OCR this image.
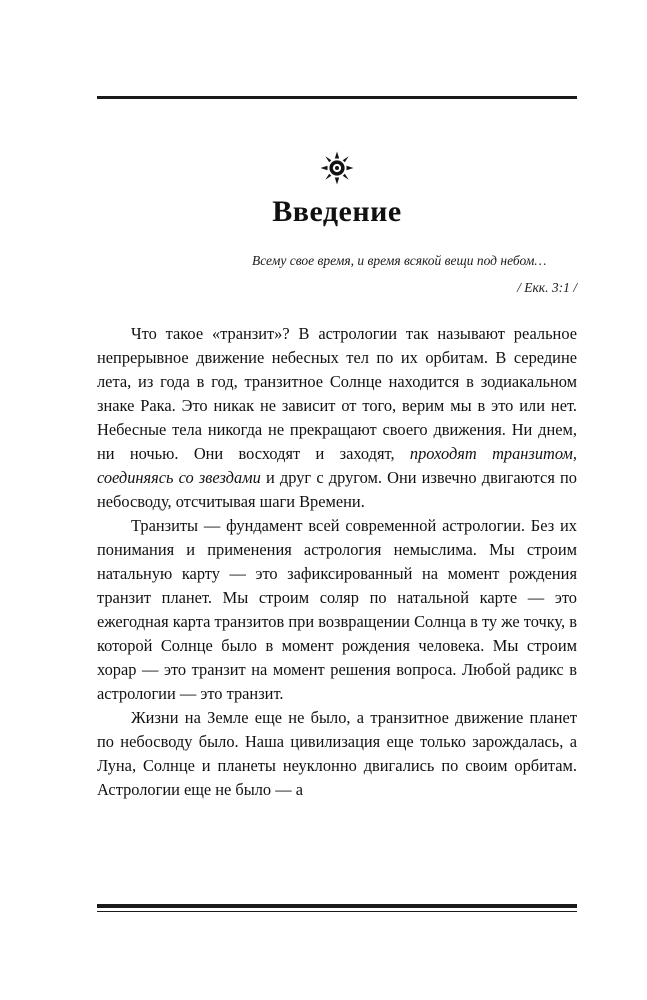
Введение
Всему свое время, и время всякой вещи под небом…
/ Екк. 3:1 /

Что такое «транзит»? В астрологии так называют реальное непрерывное движение небесных тел по их орбитам. В середине лета, из года в год, транзитное Солнце находится в зодиакальном знаке Рака. Это никак не зависит от того, верим мы в это или нет. Небесные тела никогда не прекращают своего движения. Ни днем, ни ночью. Они восходят и заходят, проходят транзитом, соединяясь со звездами и друг с другом. Они извечно двигаются по небосводу, отсчитывая шаги Времени.

Транзиты — фундамент всей современной астрологии. Без их понимания и применения астрология немыслима. Мы строим натальную карту — это зафиксированный на момент рождения транзит планет. Мы строим соляр по натальной карте — это ежегодная карта транзитов при возвращении Солнца в ту же точку, в которой Солнце было в момент рождения человека. Мы строим хорар — это транзит на момент решения вопроса. Любой радикс в астрологии — это транзит.

Жизни на Земле еще не было, а транзитное движение планет по небосводу было. Наша цивилизация еще только зарождалась, а Луна, Солнце и планеты неуклонно двигались по своим орбитам. Астрологии еще не было — а
